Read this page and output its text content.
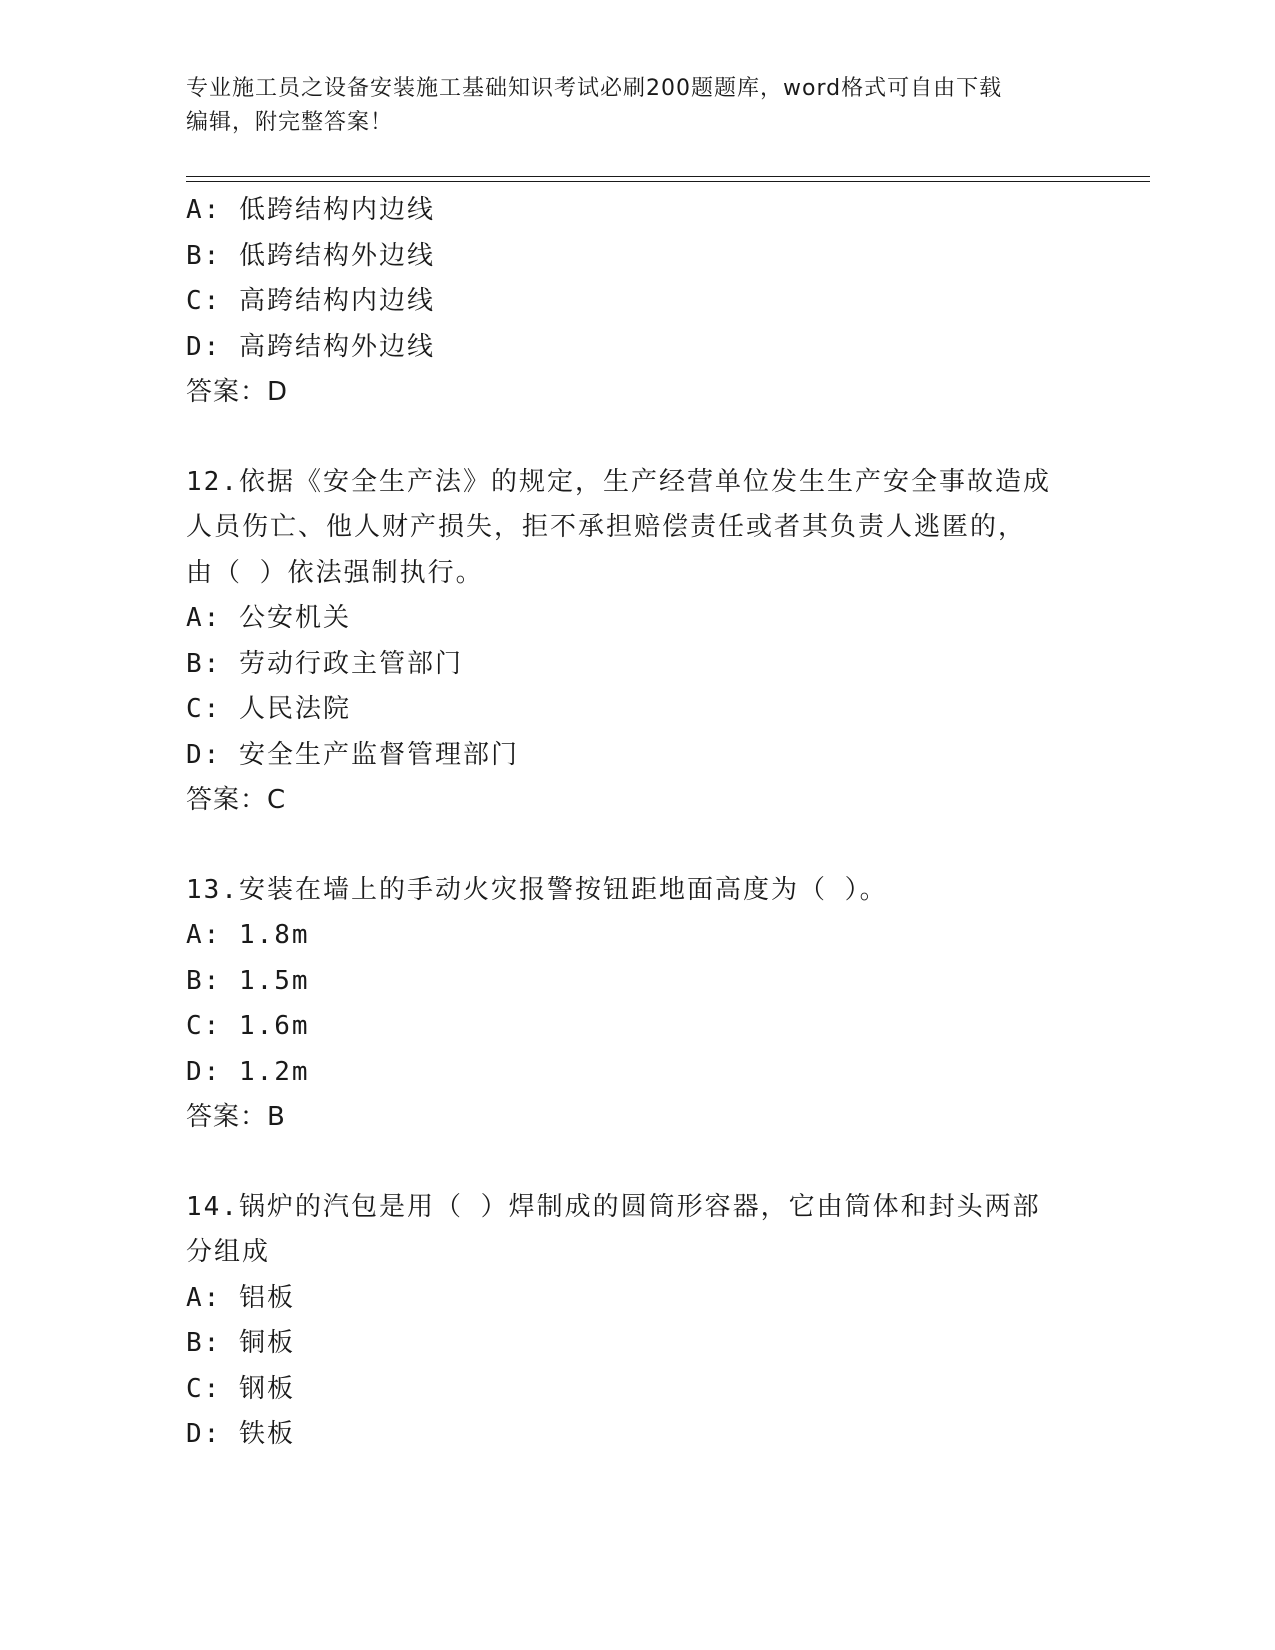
专业施工员之设备安装施工基础知识考试必刷200题题库，word格式可自由下载
编辑，附完整答案！
A: 低跨结构内边线
B: 低跨结构外边线
C: 高跨结构内边线
D: 高跨结构外边线
答案：D
12.依据《安全生产法》的规定，生产经营单位发生生产安全事故造成
人员伤亡、他人财产损失，拒不承担赔偿责任或者其负责人逃匿的，
由（ ）依法强制执行。
A: 公安机关
B: 劳动行政主管部门
C: 人民法院
D: 安全生产监督管理部门
答案：C
13.安装在墙上的手动火灾报警按钮距地面高度为（ ）。
A: 1.8m
B: 1.5m
C: 1.6m
D: 1.2m
答案：B
14.锅炉的汽包是用（ ）焊制成的圆筒形容器，它由筒体和封头两部
分组成
A: 铝板
B: 铜板
C: 钢板
D: 铁板
